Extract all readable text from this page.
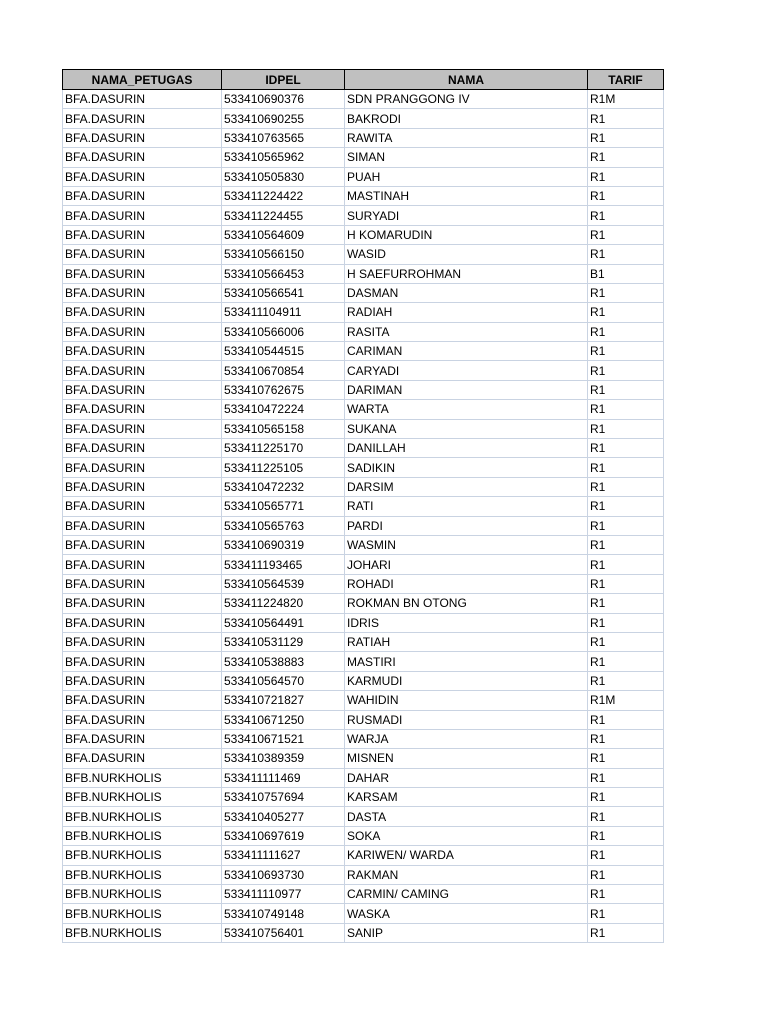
NAMA_PETUGAS	IDPEL	NAMA	TARIF
BFA.DASURIN	533410690376	SDN PRANGGONG IV	R1M
BFA.DASURIN	533410690255	BAKRODI	R1
BFA.DASURIN	533410763565	RAWITA	R1
BFA.DASURIN	533410565962	SIMAN	R1
BFA.DASURIN	533410505830	PUAH	R1
BFA.DASURIN	533411224422	MASTINAH	R1
BFA.DASURIN	533411224455	SURYADI	R1
BFA.DASURIN	533410564609	H KOMARUDIN	R1
BFA.DASURIN	533410566150	WASID	R1
BFA.DASURIN	533410566453	H SAEFURROHMAN	B1
BFA.DASURIN	533410566541	DASMAN	R1
BFA.DASURIN	533411104911	RADIAH	R1
BFA.DASURIN	533410566006	RASITA	R1
BFA.DASURIN	533410544515	CARIMAN	R1
BFA.DASURIN	533410670854	CARYADI	R1
BFA.DASURIN	533410762675	DARIMAN	R1
BFA.DASURIN	533410472224	WARTA	R1
BFA.DASURIN	533410565158	SUKANA	R1
BFA.DASURIN	533411225170	DANILLAH	R1
BFA.DASURIN	533411225105	SADIKIN	R1
BFA.DASURIN	533410472232	DARSIM	R1
BFA.DASURIN	533410565771	RATI	R1
BFA.DASURIN	533410565763	PARDI	R1
BFA.DASURIN	533410690319	WASMIN	R1
BFA.DASURIN	533411193465	JOHARI	R1
BFA.DASURIN	533410564539	ROHADI	R1
BFA.DASURIN	533411224820	ROKMAN BN OTONG	R1
BFA.DASURIN	533410564491	IDRIS	R1
BFA.DASURIN	533410531129	RATIAH	R1
BFA.DASURIN	533410538883	MASTIRI	R1
BFA.DASURIN	533410564570	KARMUDI	R1
BFA.DASURIN	533410721827	WAHIDIN	R1M
BFA.DASURIN	533410671250	RUSMADI	R1
BFA.DASURIN	533410671521	WARJA	R1
BFA.DASURIN	533410389359	MISNEN	R1
BFB.NURKHOLIS	533411111469	DAHAR	R1
BFB.NURKHOLIS	533410757694	KARSAM	R1
BFB.NURKHOLIS	533410405277	DASTA	R1
BFB.NURKHOLIS	533410697619	SOKA	R1
BFB.NURKHOLIS	533411111627	KARIWEN/ WARDA	R1
BFB.NURKHOLIS	533410693730	RAKMAN	R1
BFB.NURKHOLIS	533411110977	CARMIN/ CAMING	R1
BFB.NURKHOLIS	533410749148	WASKA	R1
BFB.NURKHOLIS	533410756401	SANIP	R1
